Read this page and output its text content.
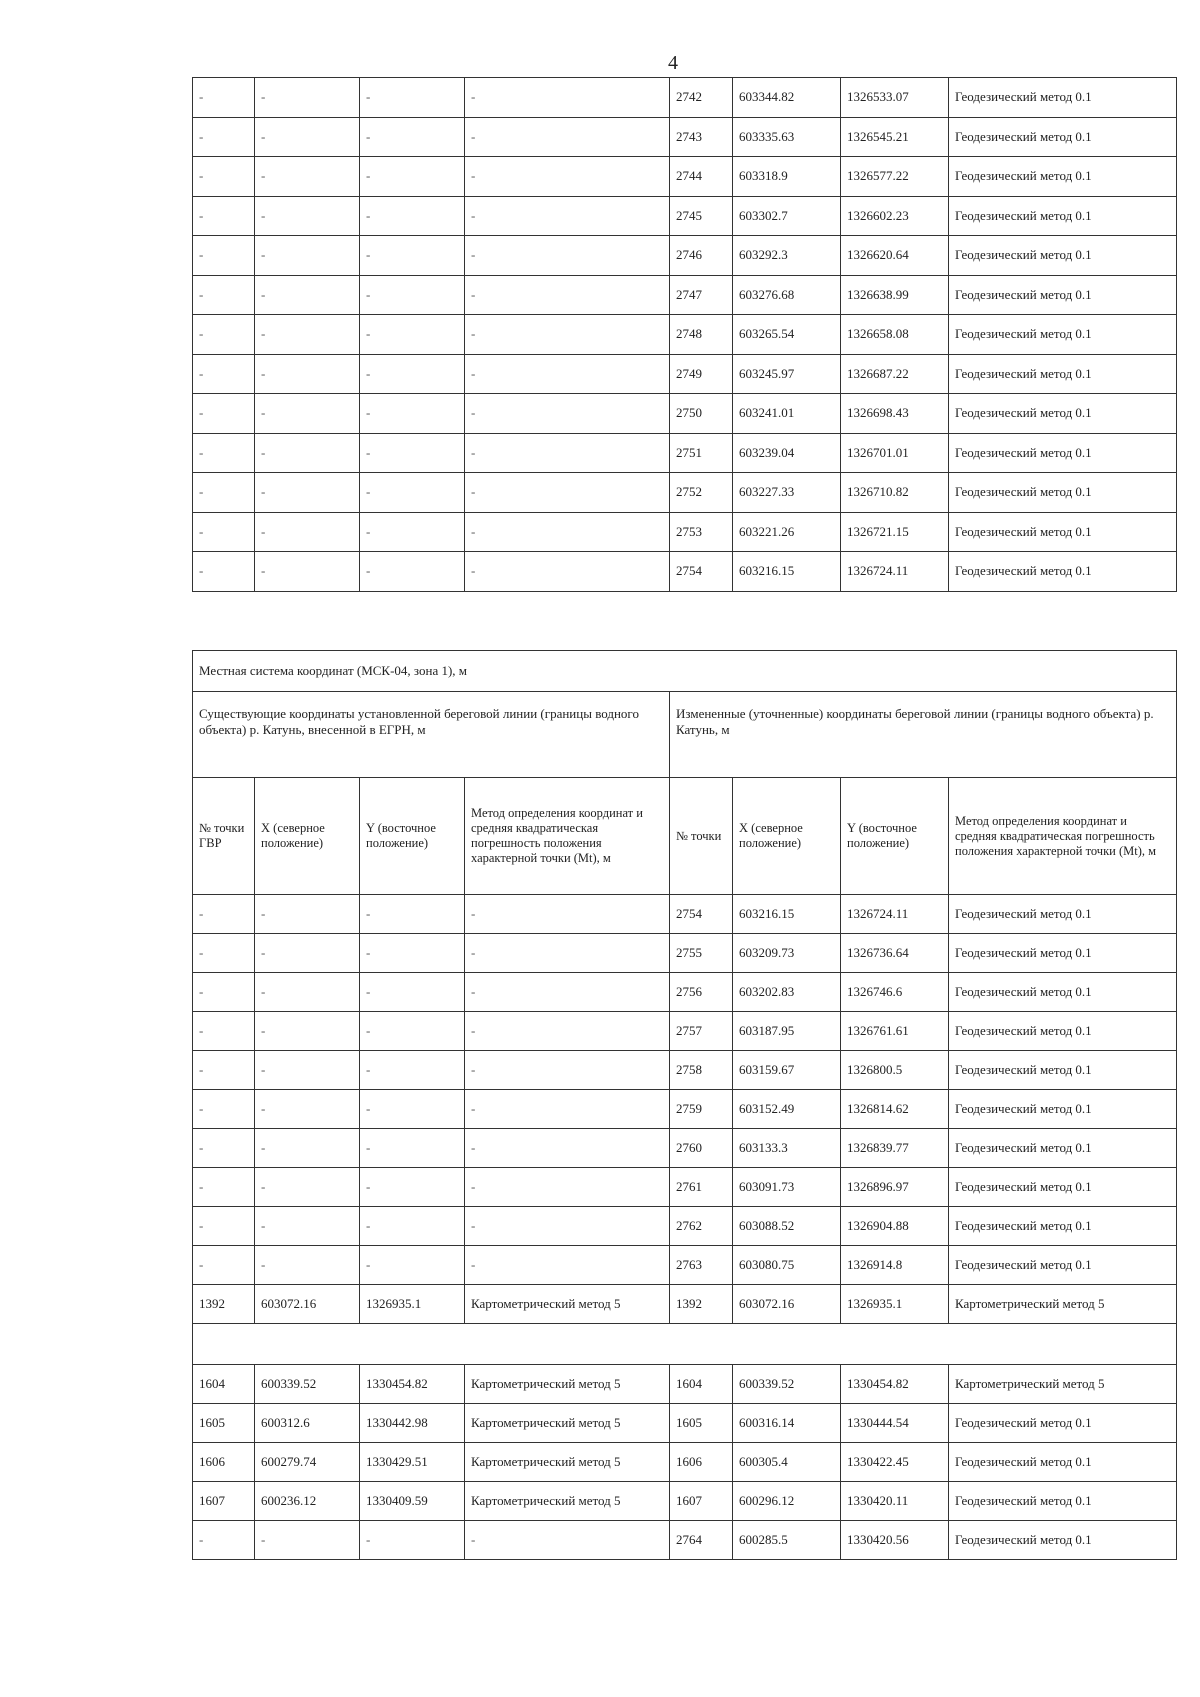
4
-	-	-	-	2742	603344.82	1326533.07	Геодезический метод 0.1
-	-	-	-	2743	603335.63	1326545.21	Геодезический метод 0.1
-	-	-	-	2744	603318.9	1326577.22	Геодезический метод 0.1
-	-	-	-	2745	603302.7	1326602.23	Геодезический метод 0.1
-	-	-	-	2746	603292.3	1326620.64	Геодезический метод 0.1
-	-	-	-	2747	603276.68	1326638.99	Геодезический метод 0.1
-	-	-	-	2748	603265.54	1326658.08	Геодезический метод 0.1
-	-	-	-	2749	603245.97	1326687.22	Геодезический метод 0.1
-	-	-	-	2750	603241.01	1326698.43	Геодезический метод 0.1
-	-	-	-	2751	603239.04	1326701.01	Геодезический метод 0.1
-	-	-	-	2752	603227.33	1326710.82	Геодезический метод 0.1
-	-	-	-	2753	603221.26	1326721.15	Геодезический метод 0.1
-	-	-	-	2754	603216.15	1326724.11	Геодезический метод 0.1
Местная система координат (МСК-04, зона 1), м							
Существующие координаты установленной береговой линии (границы водного объекта) р. Катунь, внесенной в ЕГРН, м				Измененные (уточненные) координаты береговой линии (границы водного объекта) р. Катунь, м			
№ точки ГВР	X (северное положение)	Y (восточное положение)	Метод определения координат и средняя квадратическая погрешность положения характерной точки (Mt), м	№ точки	X (северное положение)	Y (восточное положение)	Метод определения координат и средняя квадратическая погрешность положения характерной точки (Mt), м
-	-	-	-	2754	603216.15	1326724.11	Геодезический метод 0.1
-	-	-	-	2755	603209.73	1326736.64	Геодезический метод 0.1
-	-	-	-	2756	603202.83	1326746.6	Геодезический метод 0.1
-	-	-	-	2757	603187.95	1326761.61	Геодезический метод 0.1
-	-	-	-	2758	603159.67	1326800.5	Геодезический метод 0.1
-	-	-	-	2759	603152.49	1326814.62	Геодезический метод 0.1
-	-	-	-	2760	603133.3	1326839.77	Геодезический метод 0.1
-	-	-	-	2761	603091.73	1326896.97	Геодезический метод 0.1
-	-	-	-	2762	603088.52	1326904.88	Геодезический метод 0.1
-	-	-	-	2763	603080.75	1326914.8	Геодезический метод 0.1
1392	603072.16	1326935.1	Картометрический метод 5	1392	603072.16	1326935.1	Картометрический метод 5

1604	600339.52	1330454.82	Картометрический метод 5	1604	600339.52	1330454.82	Картометрический метод 5
1605	600312.6	1330442.98	Картометрический метод 5	1605	600316.14	1330444.54	Геодезический метод 0.1
1606	600279.74	1330429.51	Картометрический метод 5	1606	600305.4	1330422.45	Геодезический метод 0.1
1607	600236.12	1330409.59	Картометрический метод 5	1607	600296.12	1330420.11	Геодезический метод 0.1
-	-	-	-	2764	600285.5	1330420.56	Геодезический метод 0.1
